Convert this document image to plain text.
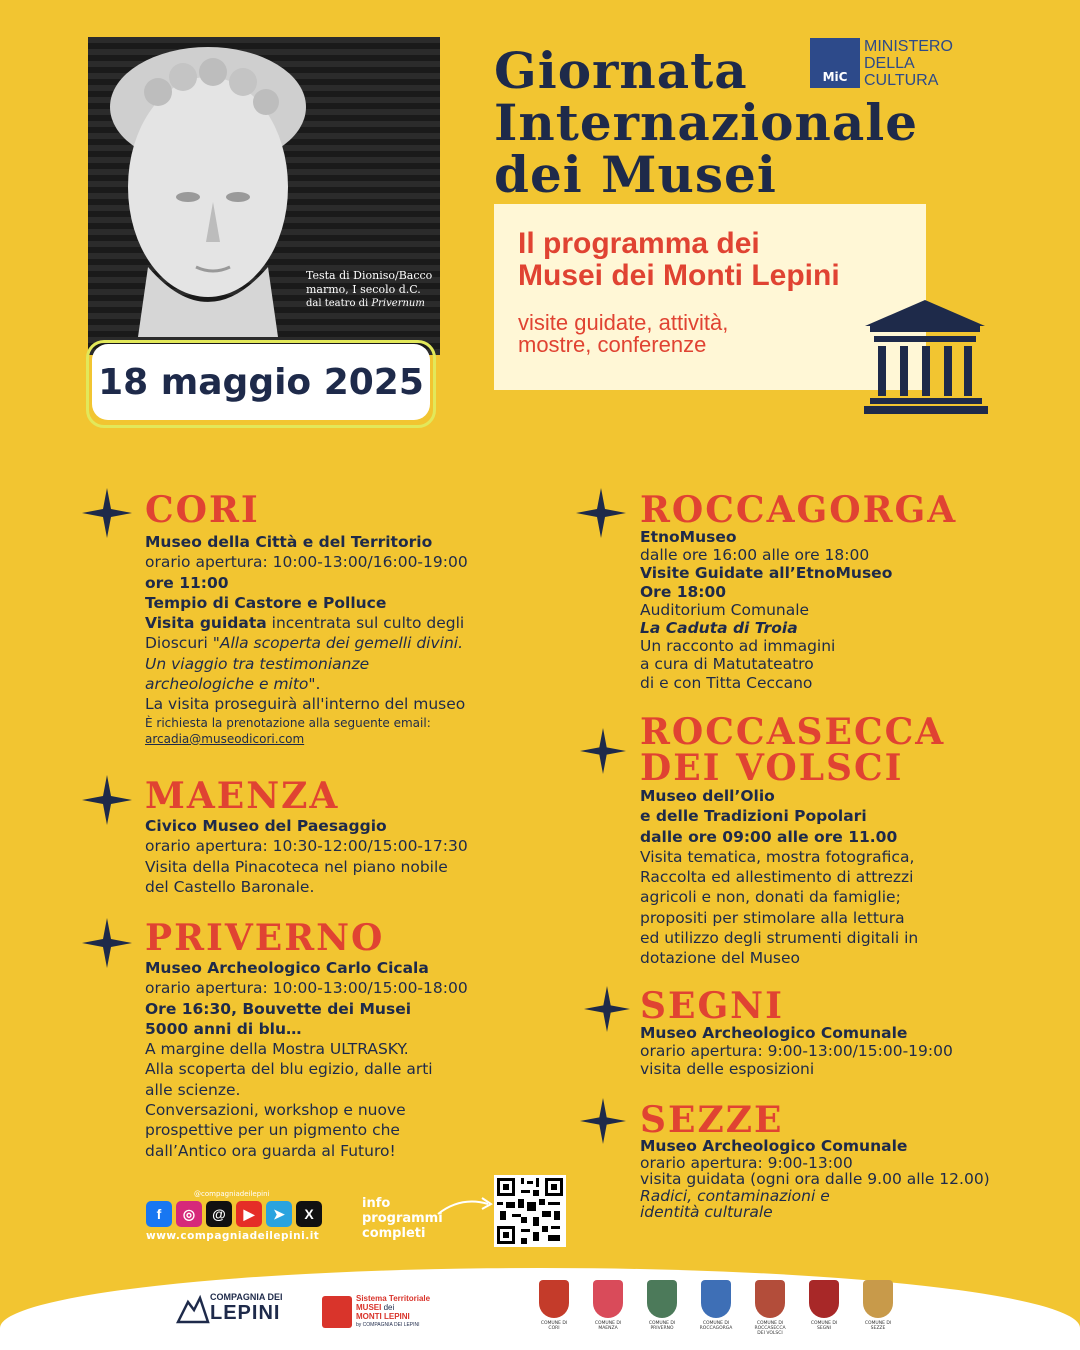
Testa di Dioniso/Bacco
marmo, I secolo d.C.
dal teatro di Privernum
18 maggio 2025
Giornata
Internazionale
dei Musei
MiC
MINISTERO
DELLA
CULTURA
Il programma dei
Musei dei Monti Lepini
visite guidate, attività,
mostre, conferenze
CORI
Museo della Città e del Territorio
orario apertura: 10:00-13:00/16:00-19:00
ore 11:00
Tempio di Castore e Polluce
Visita guidata incentrata sul culto degli
Dioscuri "Alla scoperta dei gemelli divini.
Un viaggio tra testimonianze
archeologiche e mito".
La visita proseguirà all'interno del museo
È richiesta la prenotazione alla seguente email:
arcadia@museodicori.com
MAENZA
Civico Museo del Paesaggio
orario apertura: 10:30-12:00/15:00-17:30
Visita della Pinacoteca nel piano nobile
del Castello Baronale.
PRIVERNO
Museo Archeologico Carlo Cicala
orario apertura: 10:00-13:00/15:00-18:00
Ore 16:30, Bouvette dei Musei
5000 anni di blu…
A margine della Mostra ULTRASKY.
Alla scoperta del blu egizio, dalle arti
alle scienze.
Conversazioni, workshop e nuove
prospettive per un pigmento che
dall’Antico ora guarda al Futuro!
ROCCAGORGA
EtnoMuseo
dalle ore 16:00 alle ore 18:00
Visite Guidate all’EtnoMuseo
Ore 18:00
Auditorium Comunale
La Caduta di Troia
Un racconto ad immagini
a cura di Matutateatro
di e con Titta Ceccano
ROCCASECCA
DEI VOLSCI
Museo dell’Olio
e delle Tradizioni Popolari
dalle ore 09:00 alle ore 11.00
Visita tematica, mostra fotografica,
Raccolta ed allestimento di attrezzi
agricoli e non, donati da famiglie;
propositi per stimolare alla lettura
ed utilizzo degli strumenti digitali in
dotazione del Museo
SEGNI
Museo Archeologico Comunale
orario apertura: 9:00-13:00/15:00-19:00
visita delle esposizioni
SEZZE
Museo Archeologico Comunale
orario apertura: 9:00-13:00
visita guidata (ogni ora dalle 9.00 alle 12.00)
Radici, contaminazioni e
identità culturale
@compagniadeilepini
f	◎	@	▶	➤	X
www.compagniadeilepini.it
info
programmi
completi
COMPAGNIA DEI
LEPINI
Sistema Territoriale
MUSEI dei
MONTI LEPINI
by COMPAGNIA DEI LEPINI	COMUNE DI CORI
COMUNE DI MAENZA
COMUNE DI PRIVERNO
COMUNE DI ROCCAGORGA
COMUNE DI ROCCASECCA DEI VOLSCI
COMUNE DI SEGNI
COMUNE DI SEZZE
